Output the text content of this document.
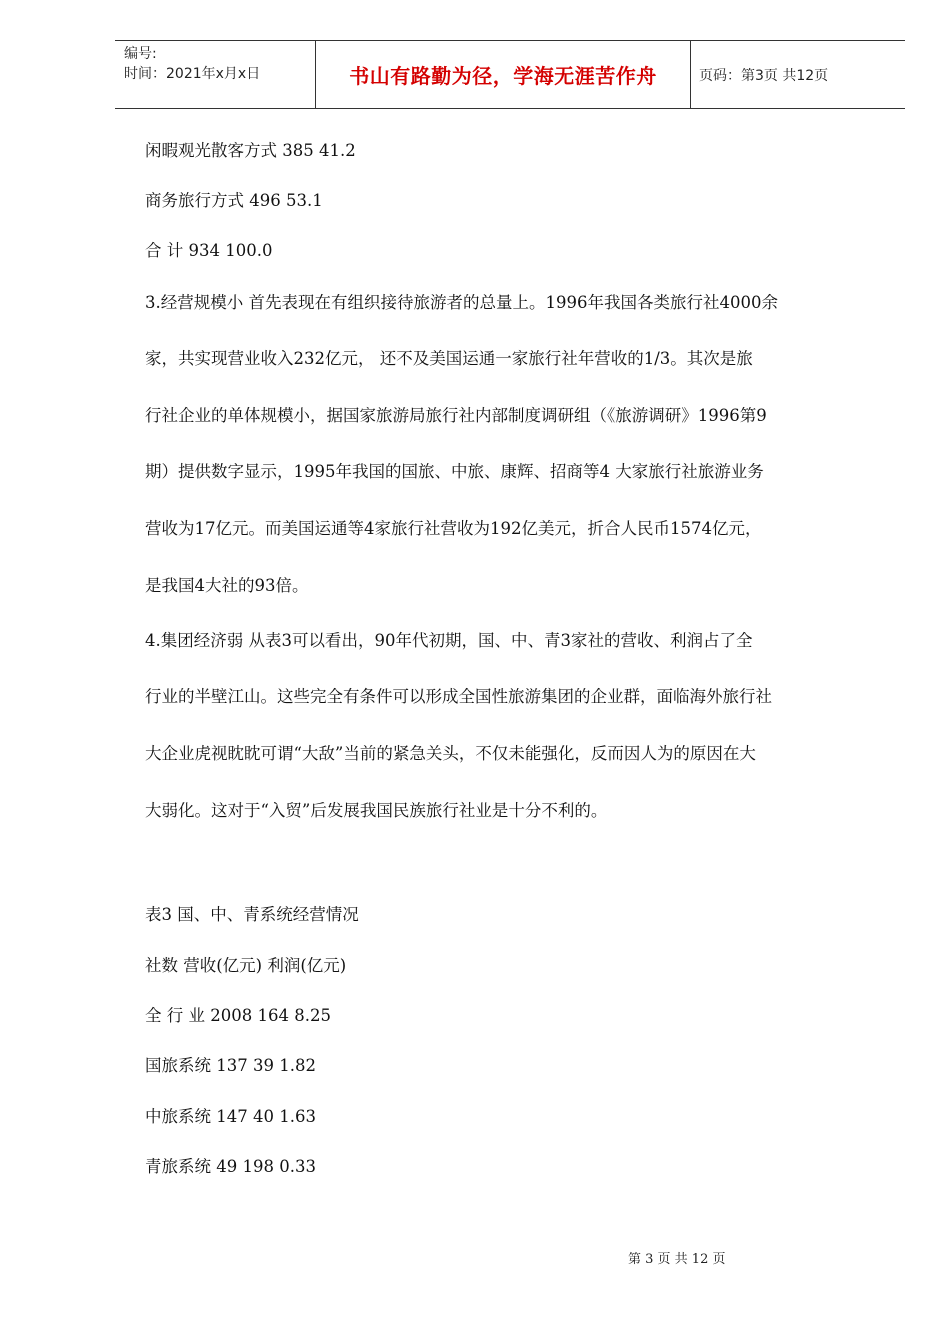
编号:
时间：2021年x月x日	书山有路勤为径，学海无涯苦作舟	页码：第3页 共12页
闲暇观光散客方式 385 41.2
商务旅行方式 496 53.1
合 计 934 100.0
3.经营规模小 首先表现在有组织接待旅游者的总量上。1996年我国各类旅行社4000余
家，共实现营业收入232亿元， 还不及美国运通一家旅行社年营收的1/3。其次是旅
行社企业的单体规模小，据国家旅游局旅行社内部制度调研组（《旅游调研》1996第9
期）提供数字显示，1995年我国的国旅、中旅、康辉、招商等4 大家旅行社旅游业务
营收为17亿元。而美国运通等4家旅行社营收为192亿美元，折合人民币1574亿元，
是我国4大社的93倍。
4.集团经济弱 从表3可以看出，90年代初期，国、中、青3家社的营收、利润占了全
行业的半壁江山。这些完全有条件可以形成全国性旅游集团的企业群，面临海外旅行社
大企业虎视眈眈可谓“大敌”当前的紧急关头，不仅未能强化，反而因人为的原因在大
大弱化。这对于“入贸”后发展我国民族旅行社业是十分不利的。
表3 国、中、青系统经营情况
社数 营收(亿元) 利润(亿元)
全 行 业 2008 164 8.25
国旅系统 137 39 1.82
中旅系统 147 40 1.63
青旅系统 49 198 0.33
第 3 页 共 12 页
